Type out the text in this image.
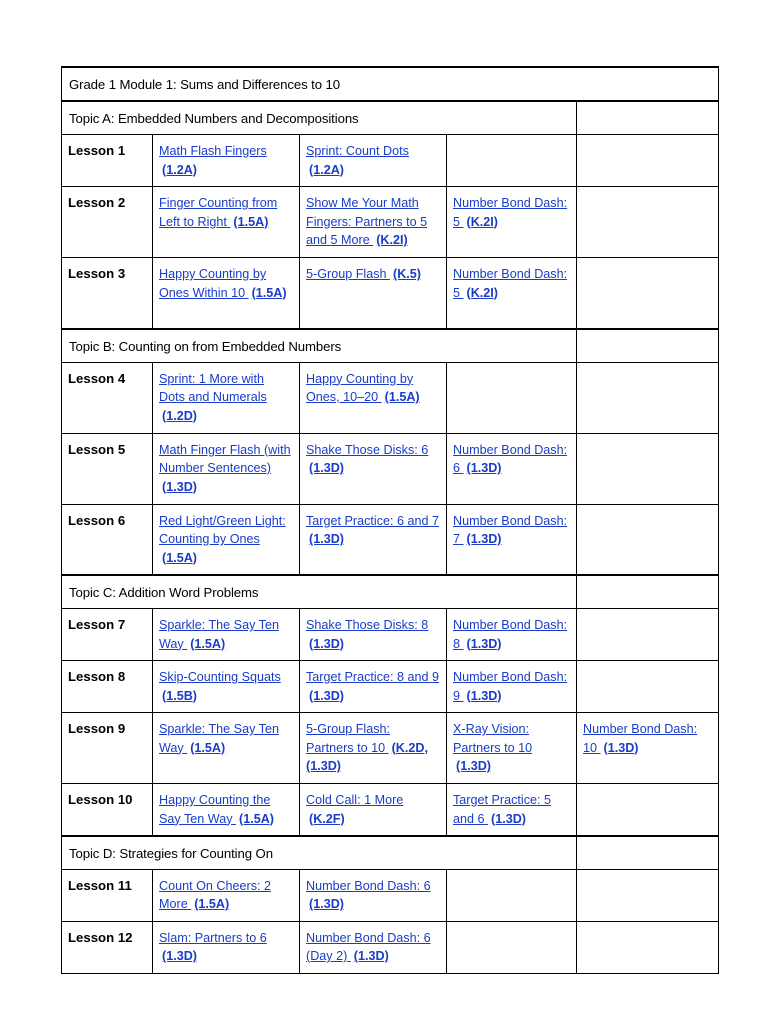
Grade 1 Module 1: Sums and Differences to 10				
Topic A: Embedded Numbers and Decompositions				
Lesson 1	Math Flash Fingers (1.2A)	Sprint: Count Dots (1.2A)		
Lesson 2	Finger Counting from Left to Right (1.5A)	Show Me Your Math Fingers: Partners to 5 and 5 More (K.2I)	Number Bond Dash: 5 (K.2I)	
Lesson 3	Happy Counting by Ones Within 10 (1.5A)	5-Group Flash (K.5)	Number Bond Dash: 5 (K.2I)	
Topic B: Counting on from Embedded Numbers				
Lesson 4	Sprint: 1 More with Dots and Numerals (1.2D)	Happy Counting by Ones, 10–20 (1.5A)		
Lesson 5	Math Finger Flash (with Number Sentences) (1.3D)	Shake Those Disks: 6 (1.3D)	Number Bond Dash: 6 (1.3D)	
Lesson 6	Red Light/Green Light: Counting by Ones (1.5A)	Target Practice: 6 and 7 (1.3D)	Number Bond Dash: 7 (1.3D)	
Topic C: Addition Word Problems				
Lesson 7	Sparkle: The Say Ten Way (1.5A)	Shake Those Disks: 8 (1.3D)	Number Bond Dash: 8 (1.3D)	
Lesson 8	Skip-Counting Squats (1.5B)	Target Practice: 8 and 9 (1.3D)	Number Bond Dash: 9 (1.3D)	
Lesson 9	Sparkle: The Say Ten Way (1.5A)	5-Group Flash: Partners to 10 (K.2D, (1.3D)	X-Ray Vision: Partners to 10 (1.3D)	Number Bond Dash: 10 (1.3D)
Lesson 10	Happy Counting the Say Ten Way (1.5A)	Cold Call: 1 More (K.2F)	Target Practice: 5 and 6 (1.3D)	
Topic D: Strategies for Counting On				
Lesson 11	Count On Cheers: 2 More (1.5A)	Number Bond Dash: 6 (1.3D)		
Lesson 12	Slam: Partners to 6 (1.3D)	Number Bond Dash: 6 (Day 2) (1.3D)		
